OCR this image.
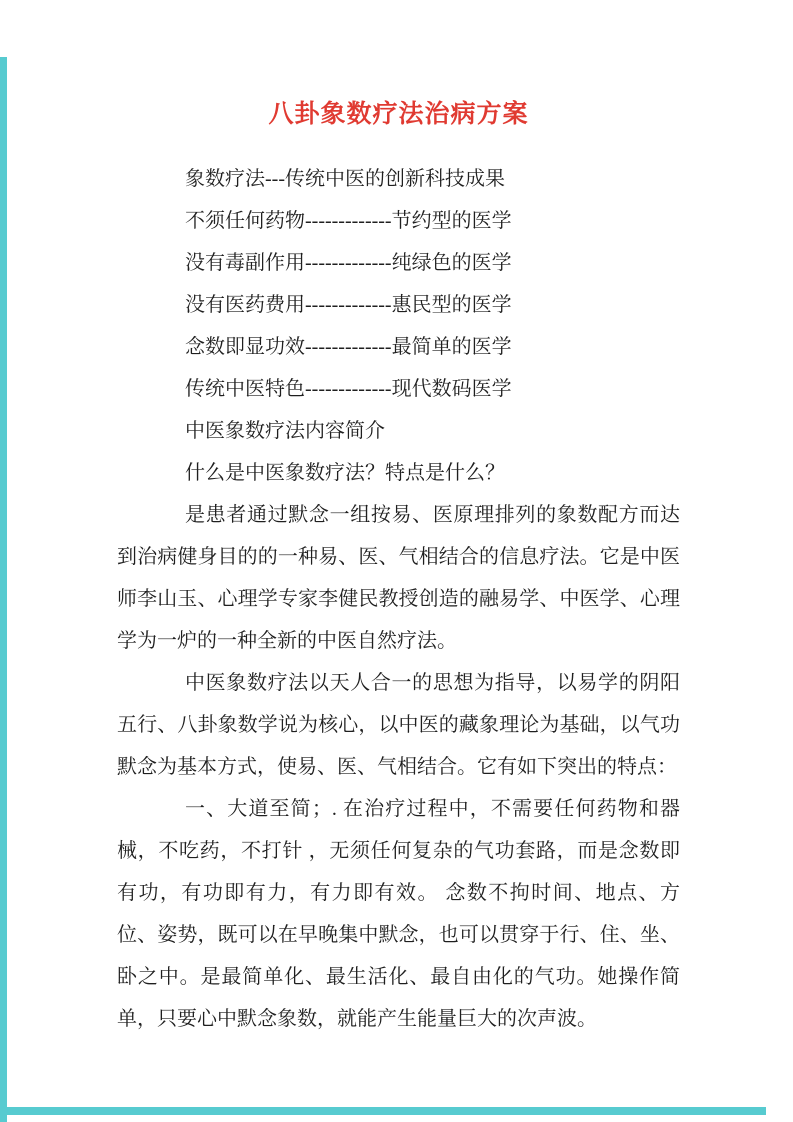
八卦象数疗法治病方案

象数疗法---传统中医的创新科技成果

不须任何药物-------------节约型的医学

没有毒副作用-------------纯绿色的医学

没有医药费用-------------惠民型的医学

念数即显功效-------------最简单的医学

传统中医特色-------------现代数码医学

中医象数疗法内容简介

什么是中医象数疗法？特点是什么？

是患者通过默念一组按易、医原理排列的象数配方而达到治病健身目的的一种易、医、气相结合的信息疗法。它是中医师李山玉、心理学专家李健民教授创造的融易学、中医学、心理学为一炉的一种全新的中医自然疗法。

中医象数疗法以天人合一的思想为指导，以易学的阴阳五行、八卦象数学说为核心，以中医的藏象理论为基础，以气功默念为基本方式，使易、医、气相结合。它有如下突出的特点：

一、大道至简；. 在治疗过程中，不需要任何药物和器械，不吃药，不打针 ，无须任何复杂的气功套路，而是念数即有功，有功即有力，有力即有效。 念数不拘时间、地点、方位、姿势，既可以在早晚集中默念，也可以贯穿于行、住、坐、卧之中。是最简单化、最生活化、最自由化的气功。她操作简单，只要心中默念象数，就能产生能量巨大的次声波。
